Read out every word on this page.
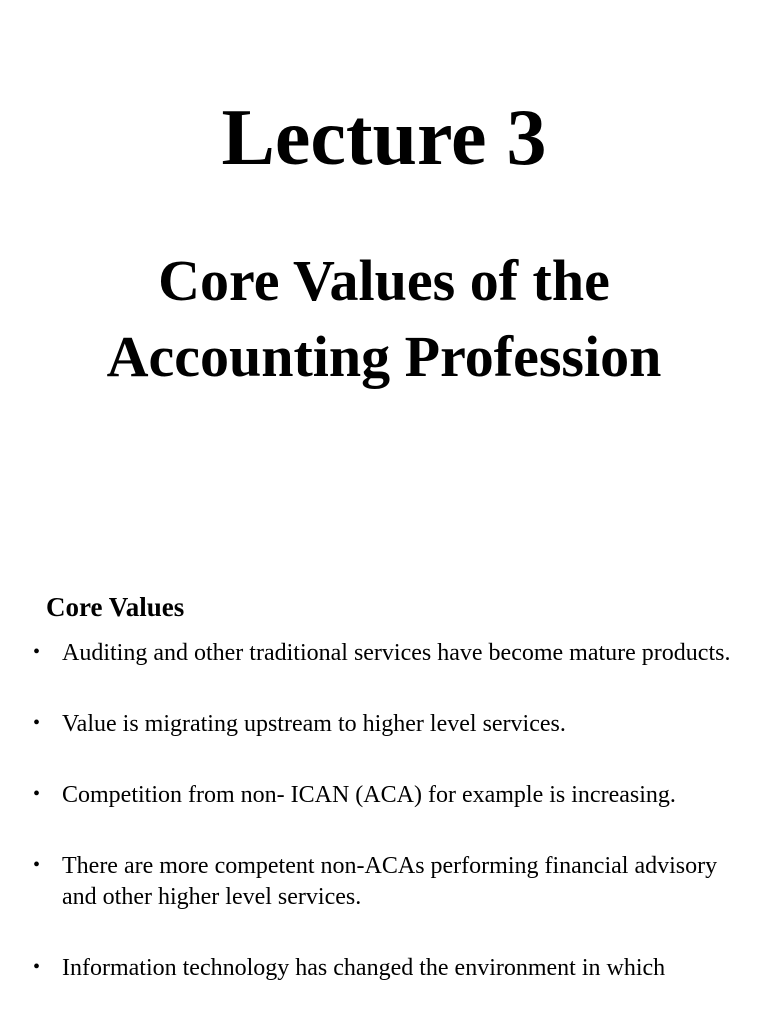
Lecture 3
Core Values of the
Accounting Profession
Core Values
• Auditing and other traditional services have become mature products.
• Value is migrating upstream to higher level services.
• Competition from non- ICAN (ACA) for example is increasing.
• There are more competent non-ACAs performing financial advisory and other higher level services.
• Information technology has changed the environment in which
